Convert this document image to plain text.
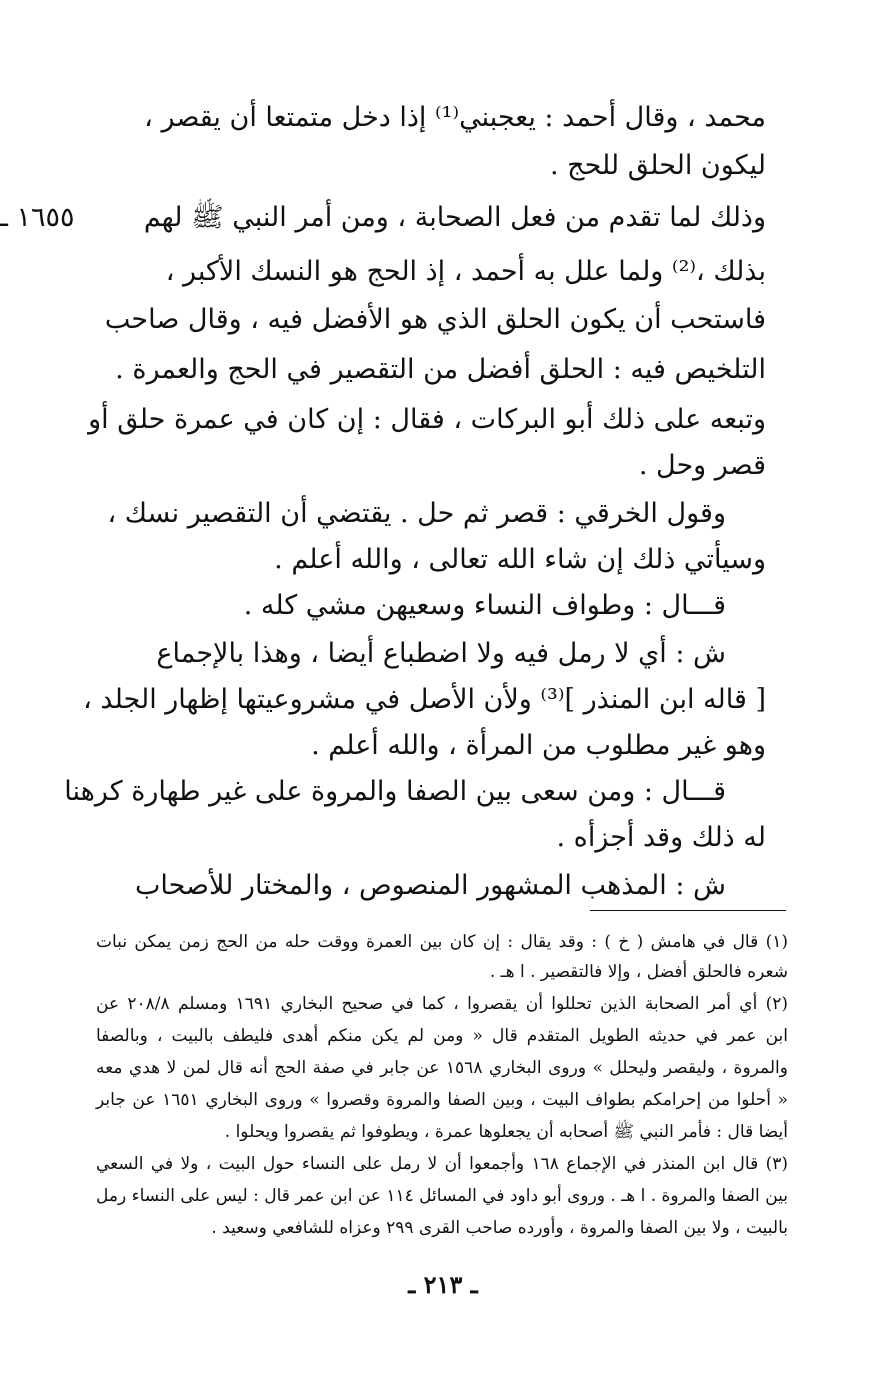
محمد ، وقال أحمد : يعجبني⁽¹⁾ إذا دخل متمتعا أن يقصر ،
ليكون الحلق للحج .
١٦٥٥ ـ	وذلك لما تقدم من فعل الصحابة ، ومن أمر النبي ﷺ لهم
بذلك ،⁽²⁾ ولما علل به أحمد ، إذ الحج هو النسك الأكبر ،
فاستحب أن يكون الحلق الذي هو الأفضل فيه ، وقال صاحب
التلخيص فيه : الحلق أفضل من التقصير في الحج والعمرة .
وتبعه على ذلك أبو البركات ، فقال : إن كان في عمرة حلق أو
قصر وحل .
وقول الخرقي : قصر ثم حل . يقتضي أن التقصير نسك ،
وسيأتي ذلك إن شاء الله تعالى ، والله أعلم .
قـــال : وطواف النساء وسعيهن مشي كله .
ش : أي لا رمل فيه ولا اضطباع أيضا ، وهذا بالإجماع
[ قاله ابن المنذر ]⁽³⁾ ولأن الأصل في مشروعيتها إظهار الجلد ،
وهو غير مطلوب من المرأة ، والله أعلم .
قـــال : ومن سعى بين الصفا والمروة على غير طهارة كرهنا
له ذلك وقد أجزأه .
ش : المذهب المشهور المنصوص ، والمختار للأصحاب
(١) قال في هامش ( خ ) : وقد يقال : إن كان بين العمرة ووقت حله من الحج زمن يمكن نبات
شعره فالحلق أفضل ، وإلا فالتقصير . ا هـ .
(٢) أي أمر الصحابة الذين تحللوا أن يقصروا ، كما في صحيح البخاري ١٦٩١ ومسلم ٢٠٨/٨ عن
ابن عمر في حديثه الطويل المتقدم قال « ومن لم يكن منكم أهدى فليطف بالبيت ، وبالصفا
والمروة ، وليقصر وليحلل » وروى البخاري ١٥٦٨ عن جابر في صفة الحج أنه قال لمن لا هدي معه
« أحلوا من إحرامكم بطواف البيت ، وبين الصفا والمروة وقصروا » وروى البخاري ١٦٥١ عن جابر
أيضا قال : فأمر النبي ﷺ أصحابه أن يجعلوها عمرة ، ويطوفوا ثم يقصروا ويحلوا .
(٣) قال ابن المنذر في الإجماع ١٦٨ وأجمعوا أن لا رمل على النساء حول البيت ، ولا في السعي
بين الصفا والمروة . ا هـ . وروى أبو داود في المسائل ١١٤ عن ابن عمر قال : ليس على النساء رمل
بالبيت ، ولا بين الصفا والمروة ، وأورده صاحب القرى ٢٩٩ وعزاه للشافعي وسعيد .
ـ ٢١٣ ـ
